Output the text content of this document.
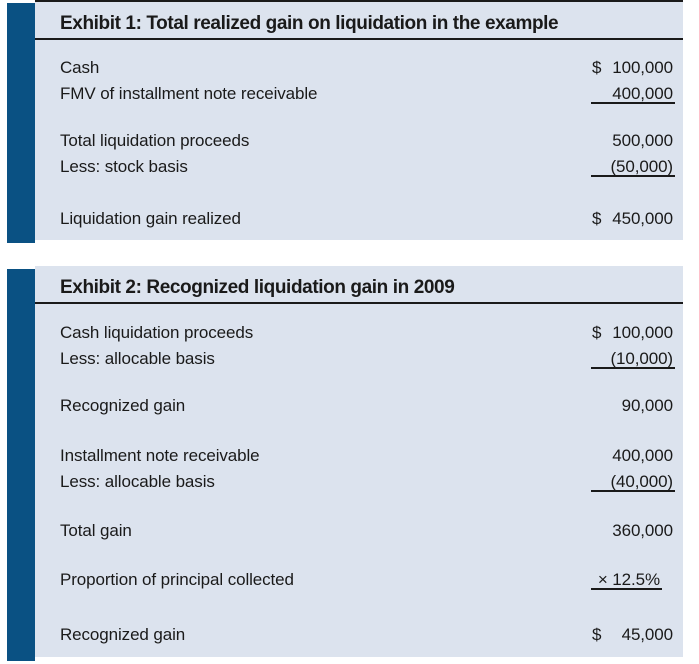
Exhibit 1: Total realized gain on liquidation in the example
Cash	$ 100,000
FMV of installment note receivable	400,000
Total liquidation proceeds	500,000
Less: stock basis	(50,000)
Liquidation gain realized	$ 450,000
Exhibit 2: Recognized liquidation gain in 2009
Cash liquidation proceeds	$ 100,000
Less: allocable basis	(10,000)
Recognized gain	90,000
Installment note receivable	400,000
Less: allocable basis	(40,000)
Total gain	360,000
Proportion of principal collected	× 12.5%
Recognized gain	$ 45,000
